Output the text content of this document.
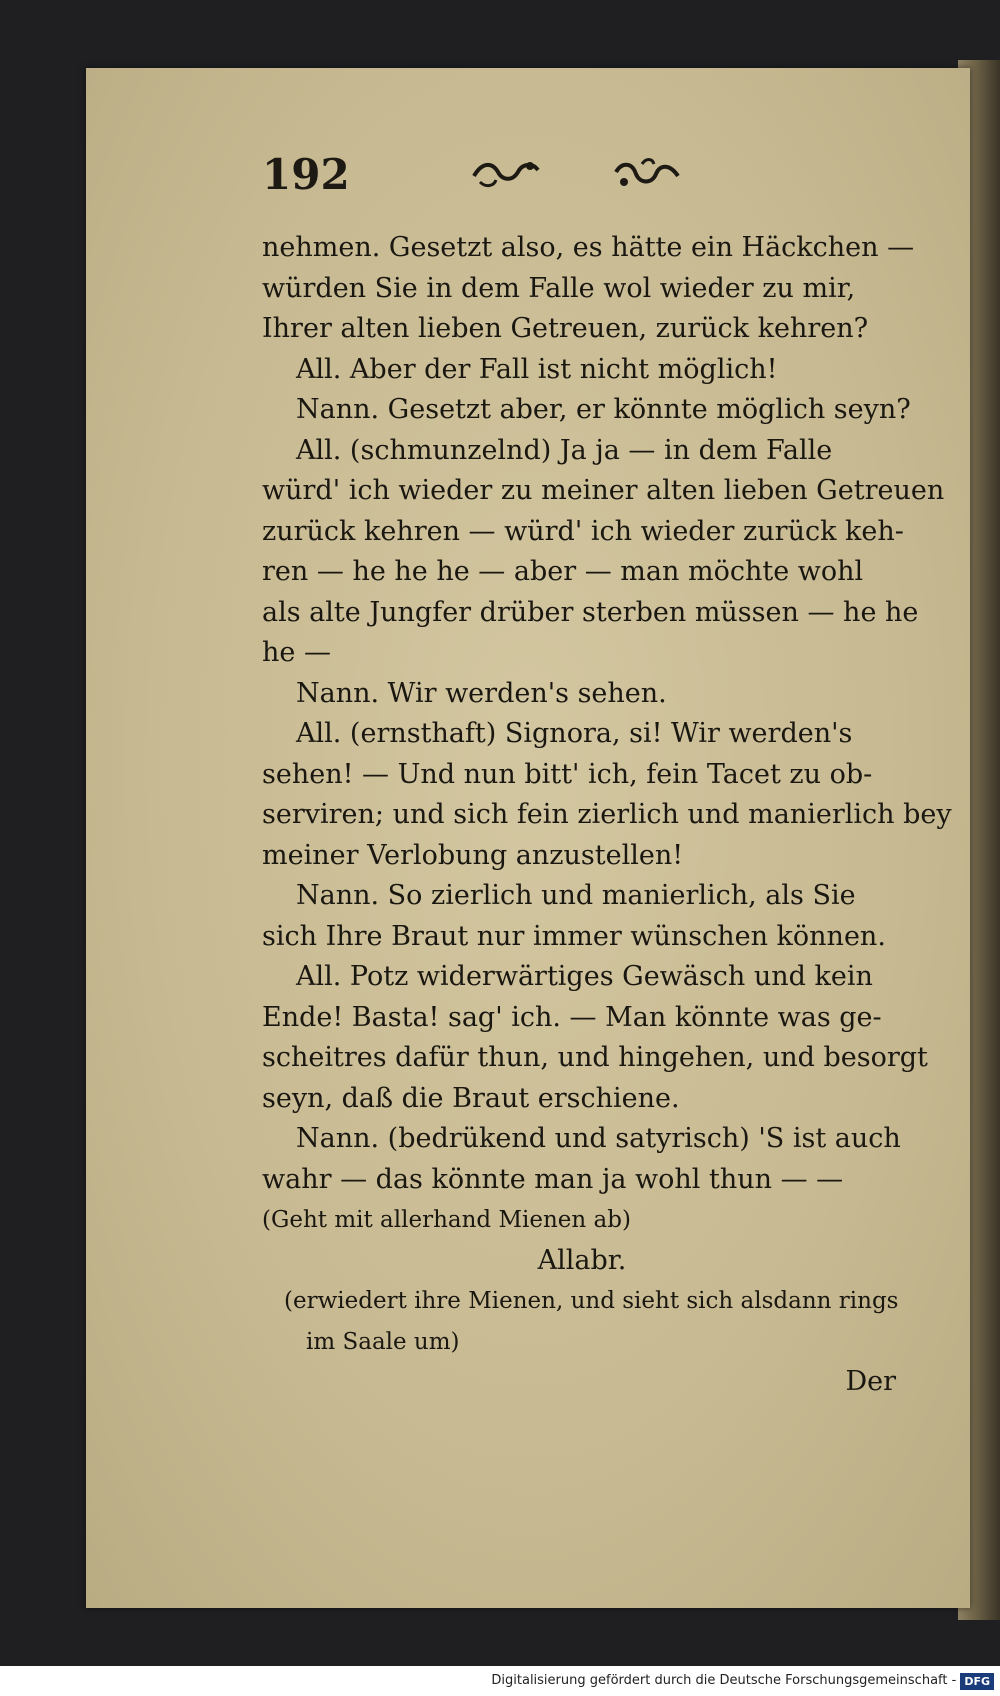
192
nehmen. Gesetzt also, es hätte ein Häckchen —
würden Sie in dem Falle wol wieder zu mir,
Ihrer alten lieben Getreuen, zurück kehren?
All. Aber der Fall ist nicht möglich!
Nann. Gesetzt aber, er könnte möglich seyn?
All. (schmunzelnd) Ja ja — in dem Falle
würd' ich wieder zu meiner alten lieben Getreuen
zurück kehren — würd' ich wieder zurück keh-
ren — he he he — aber — man möchte wohl
als alte Jungfer drüber sterben müssen — he he
he —
Nann. Wir werden's sehen.
All. (ernsthaft) Signora, si! Wir werden's
sehen! — Und nun bitt' ich, fein Tacet zu ob-
serviren; und sich fein zierlich und manierlich bey
meiner Verlobung anzustellen!
Nann. So zierlich und manierlich, als Sie
sich Ihre Braut nur immer wünschen können.
All. Potz widerwärtiges Gewäsch und kein
Ende! Basta! sag' ich. — Man könnte was ge-
scheitres dafür thun, und hingehen, und besorgt
seyn, daß die Braut erschiene.
Nann. (bedrükend und satyrisch) 'S ist auch
wahr — das könnte man ja wohl thun — —
(Geht mit allerhand Mienen ab)
Allabr.
(erwiedert ihre Mienen, und sieht sich alsdann rings
im Saale um)
Der
Digitalisierung gefördert durch die Deutsche Forschungsgemeinschaft - DFG
